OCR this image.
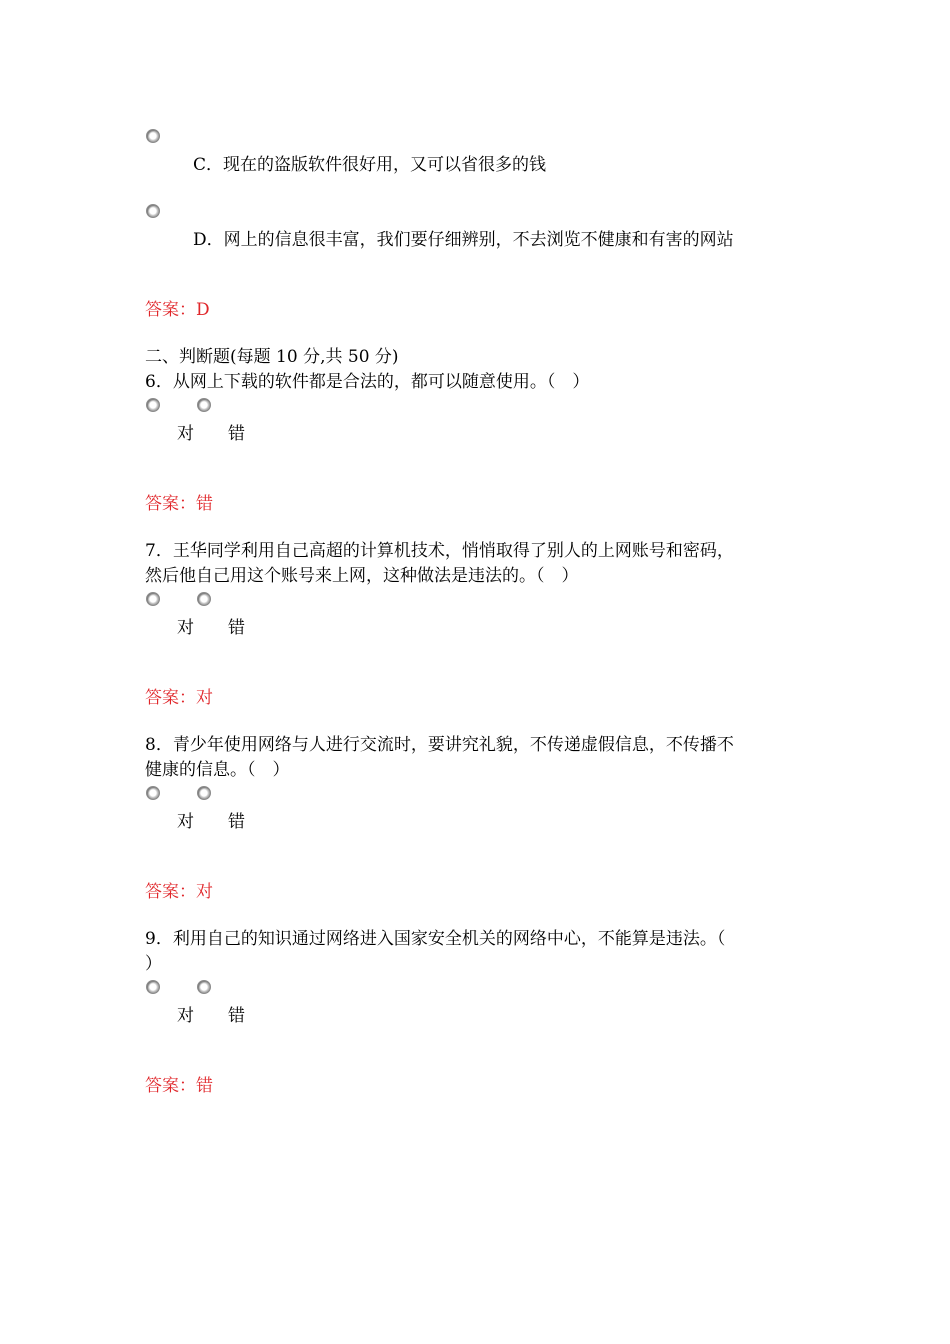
C．现在的盗版软件很好用，又可以省很多的钱
D．网上的信息很丰富，我们要仔细辨别，不去浏览不健康和有害的网站
答案：D
二、判断题(每题 10 分,共 50 分)
6．从网上下载的软件都是合法的，都可以随意使用。（　）
对 错
答案：错
7．王华同学利用自己高超的计算机技术，悄悄取得了别人的上网账号和密码，
然后他自己用这个账号来上网，这种做法是违法的。（　）
对 错
答案：对
8．青少年使用网络与人进行交流时，要讲究礼貌，不传递虚假信息，不传播不
健康的信息。（　）
对 错
答案：对
9．利用自己的知识通过网络进入国家安全机关的网络中心，不能算是违法。（
）
对 错
答案：错
